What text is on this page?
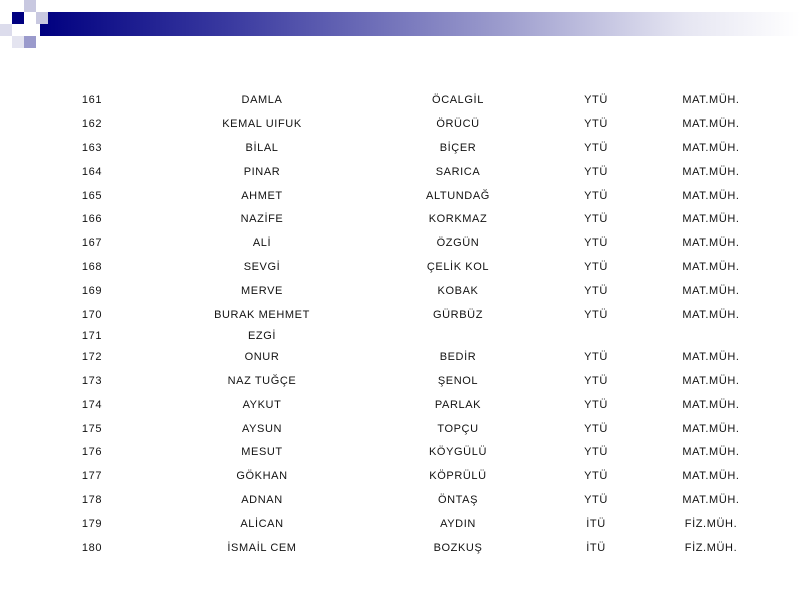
161	DAMLA	ÖCALGİL	YTÜ	MAT.MÜH.
162	KEMAL UIFUK	ÖRÜCÜ	YTÜ	MAT.MÜH.
163	BİLAL	BİÇER	YTÜ	MAT.MÜH.
164	PINAR	SARICA	YTÜ	MAT.MÜH.
165	AHMET	ALTUNDAĞ	YTÜ	MAT.MÜH.
166	NAZİFE	KORKMAZ	YTÜ	MAT.MÜH.
167	ALİ	ÖZGÜN	YTÜ	MAT.MÜH.
168	SEVGİ	ÇELİK KOL	YTÜ	MAT.MÜH.
169	MERVE	KOBAK	YTÜ	MAT.MÜH.
170	BURAK MEHMET	GÜRBÜZ	YTÜ	MAT.MÜH.
171	EZGİ			
172	ONUR	BEDİR	YTÜ	MAT.MÜH.
173	NAZ TUĞÇE	ŞENOL	YTÜ	MAT.MÜH.
174	AYKUT	PARLAK	YTÜ	MAT.MÜH.
175	AYSUN	TOPÇU	YTÜ	MAT.MÜH.
176	MESUT	KÖYGÜLÜ	YTÜ	MAT.MÜH.
177	GÖKHAN	KÖPRÜLÜ	YTÜ	MAT.MÜH.
178	ADNAN	ÖNTAŞ	YTÜ	MAT.MÜH.
179	ALİCAN	AYDIN	İTÜ	FİZ.MÜH.
180	İSMAİL CEM	BOZKUŞ	İTÜ	FİZ.MÜH.
